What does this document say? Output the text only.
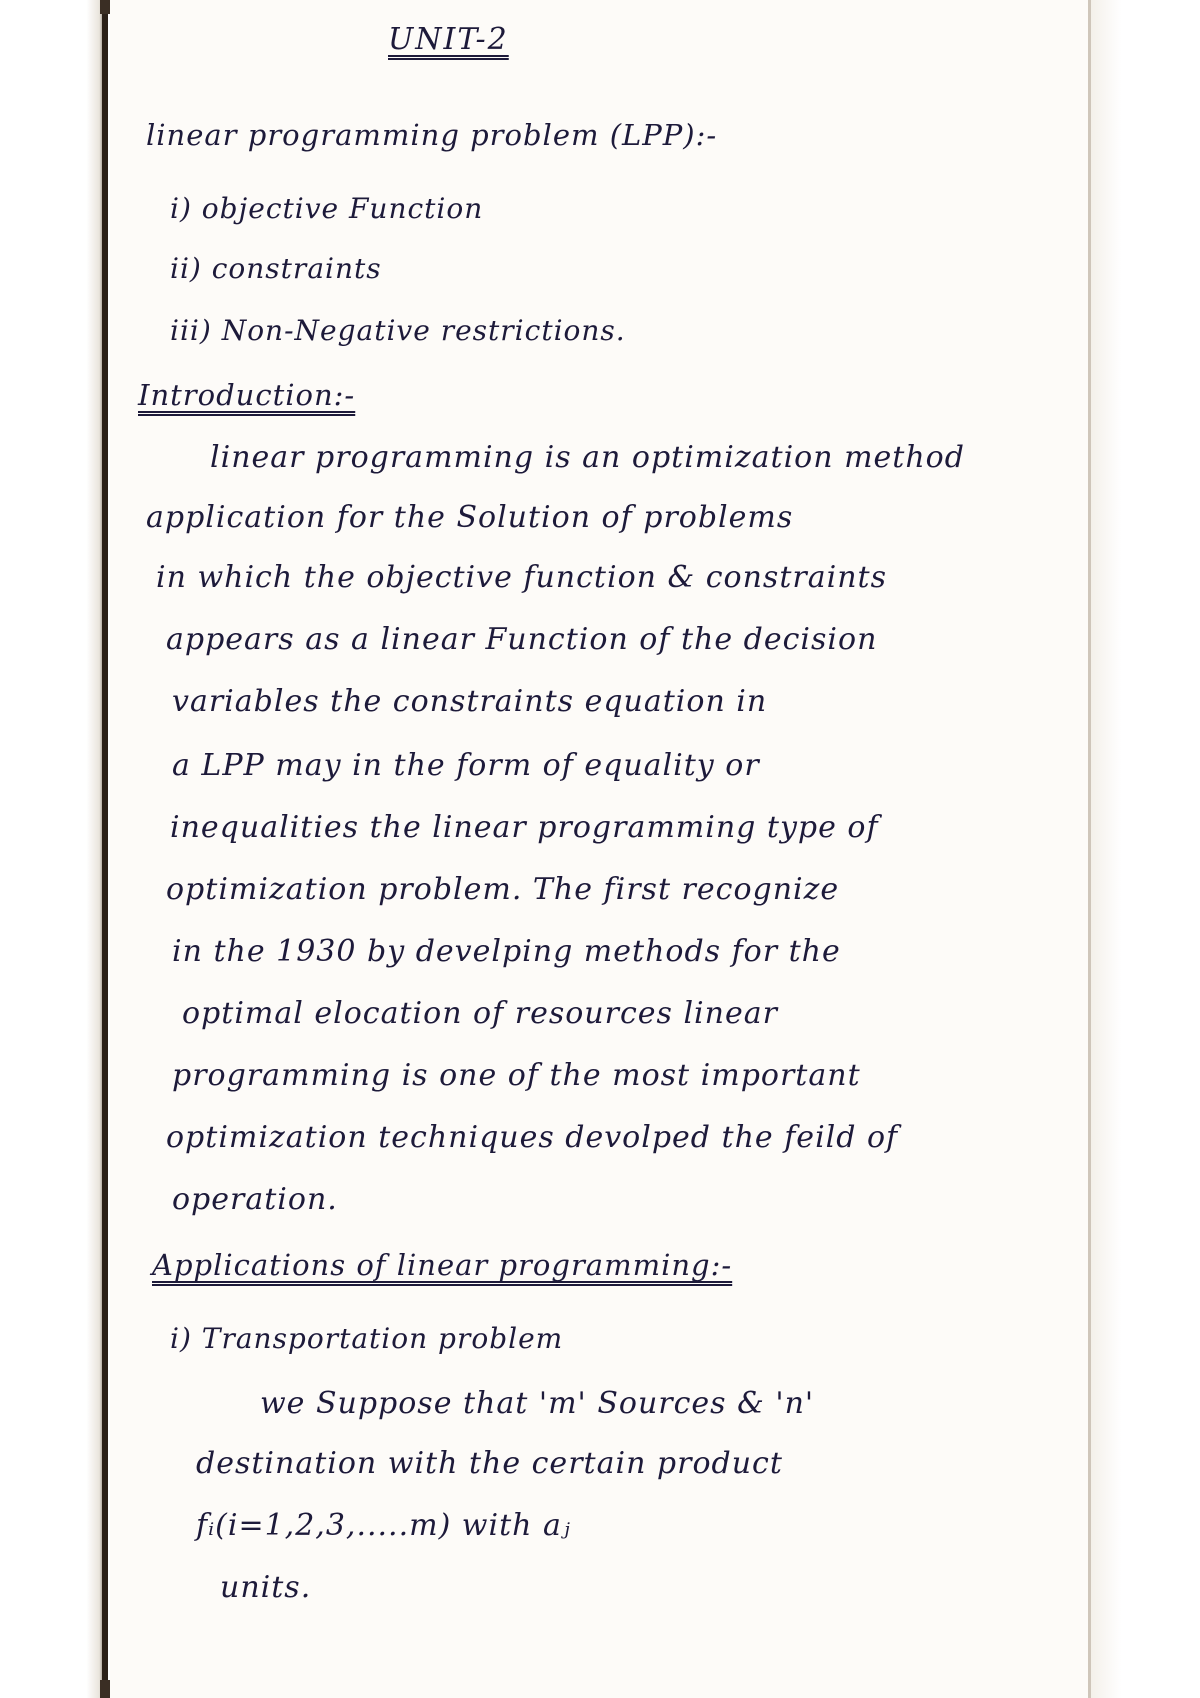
UNIT-2
linear programming problem (LPP):-
i) objective Function
ii) constraints
iii) Non-Negative restrictions.
Introduction:-
linear programming is an optimization method
application for the Solution of problems
in which the objective function & constraints
appears as a linear Function of the decision
variables the constraints equation in
a LPP may in the form of equality or
inequalities the linear programming type of
optimization problem. The first recognize
in the 1930 by develping methods for the
optimal elocation of resources linear
programming is one of the most important
optimization techniques devolped the feild of
operation.
Applications of linear programming:-
i) Transportation problem
we Suppose that 'm' Sources & 'n'
destination with the certain product
fᵢ(i=1,2,3,.....m) with aⱼ
units.
